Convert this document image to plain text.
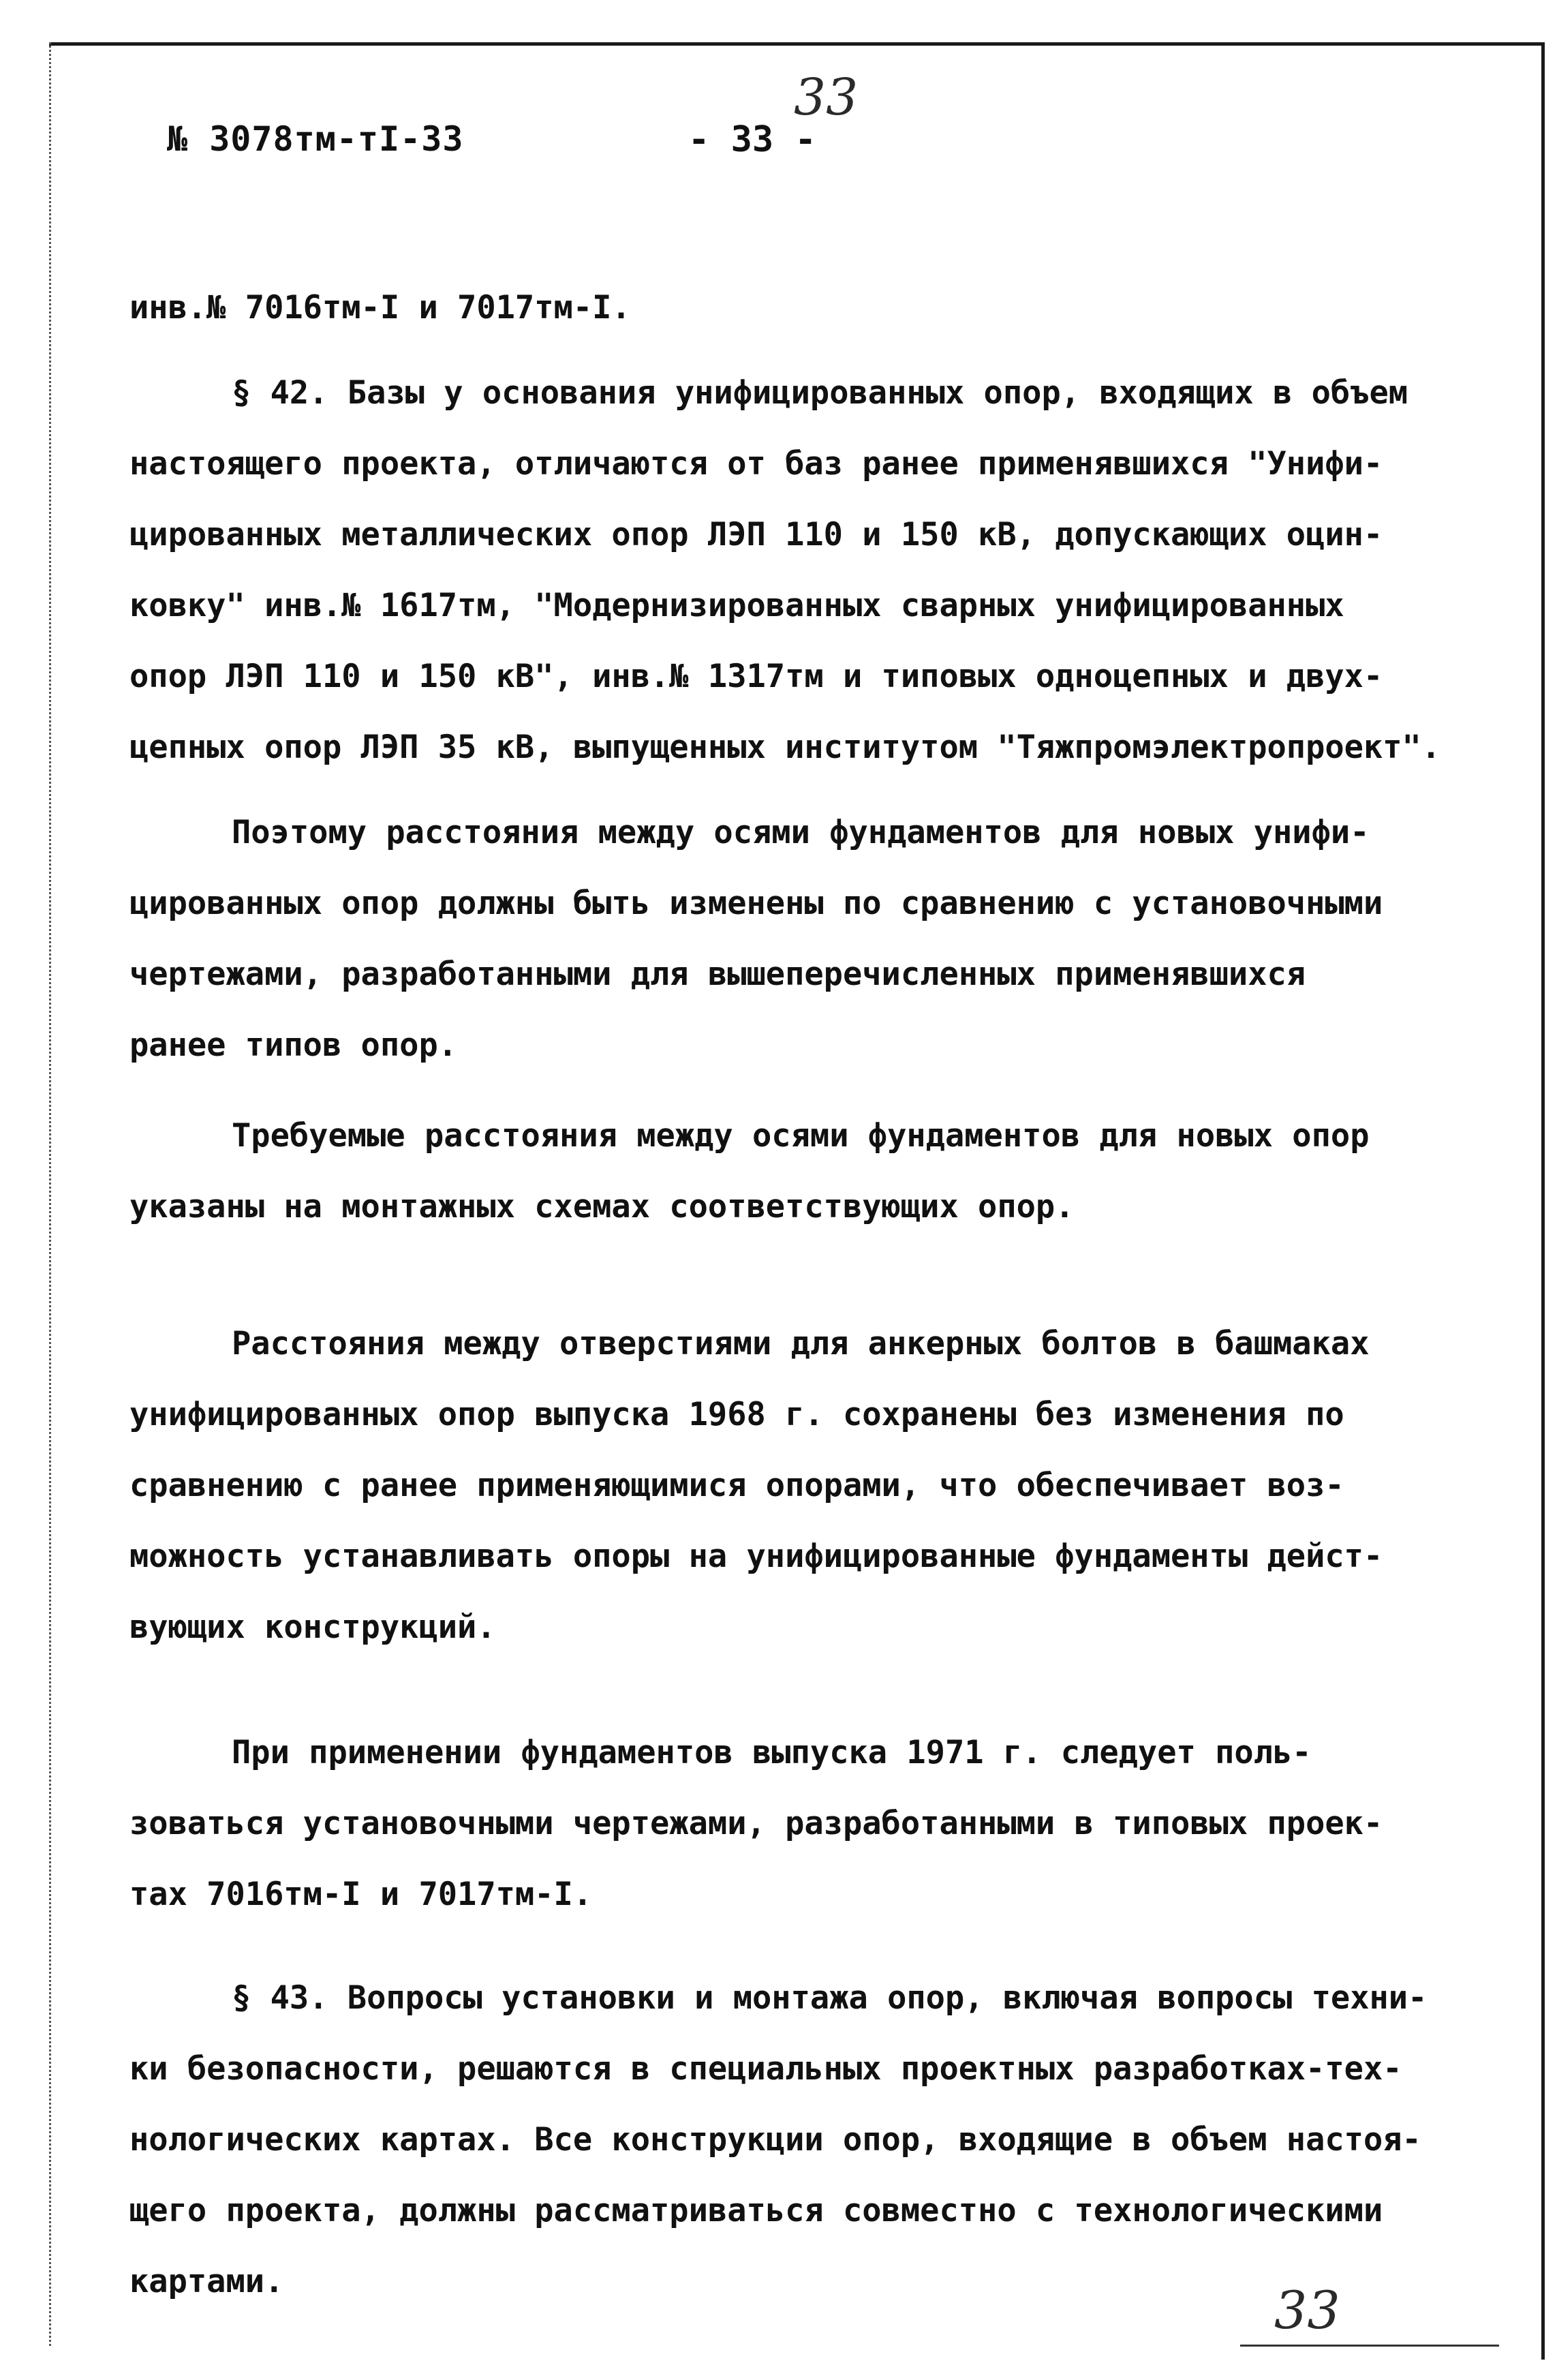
№ 3078тм-тI-33	- 33 -
33
инв.№ 7016тм-I и 7017тм-I.
§ 42. Базы у основания унифицированных опор, входящих в объем
настоящего проекта, отличаются от баз ранее применявшихся "Унифи-
цированных металлических опор ЛЭП 110 и 150 кВ, допускающих оцин-
ковку" инв.№ 1617тм, "Модернизированных сварных унифицированных
опор ЛЭП 110 и 150 кВ", инв.№ 1317тм и типовых одноцепных и двух-
цепных опор ЛЭП 35 кВ, выпущенных институтом "Тяжпромэлектропроект".
Поэтому расстояния между осями фундаментов для новых унифи-
цированных опор должны быть изменены по сравнению с установочными
чертежами, разработанными для вышеперечисленных применявшихся
ранее типов опор.
Требуемые расстояния между осями фундаментов для новых опор
указаны на монтажных схемах соответствующих опор.
Расстояния между отверстиями для анкерных болтов в башмаках
унифицированных опор выпуска 1968 г. сохранены без изменения по
сравнению с ранее применяющимися опорами, что обеспечивает воз-
можность устанавливать опоры на унифицированные фундаменты дейст-
вующих конструкций.
При применении фундаментов выпуска 1971 г. следует поль-
зоваться установочными чертежами, разработанными в типовых проек-
тах 7016тм-I и 7017тм-I.
§ 43. Вопросы установки и монтажа опор, включая вопросы техни-
ки безопасности, решаются в специальных проектных разработках-тех-
нологических картах. Все конструкции опор, входящие в объем настоя-
щего проекта, должны рассматриваться совместно с технологическими
картами.	33
